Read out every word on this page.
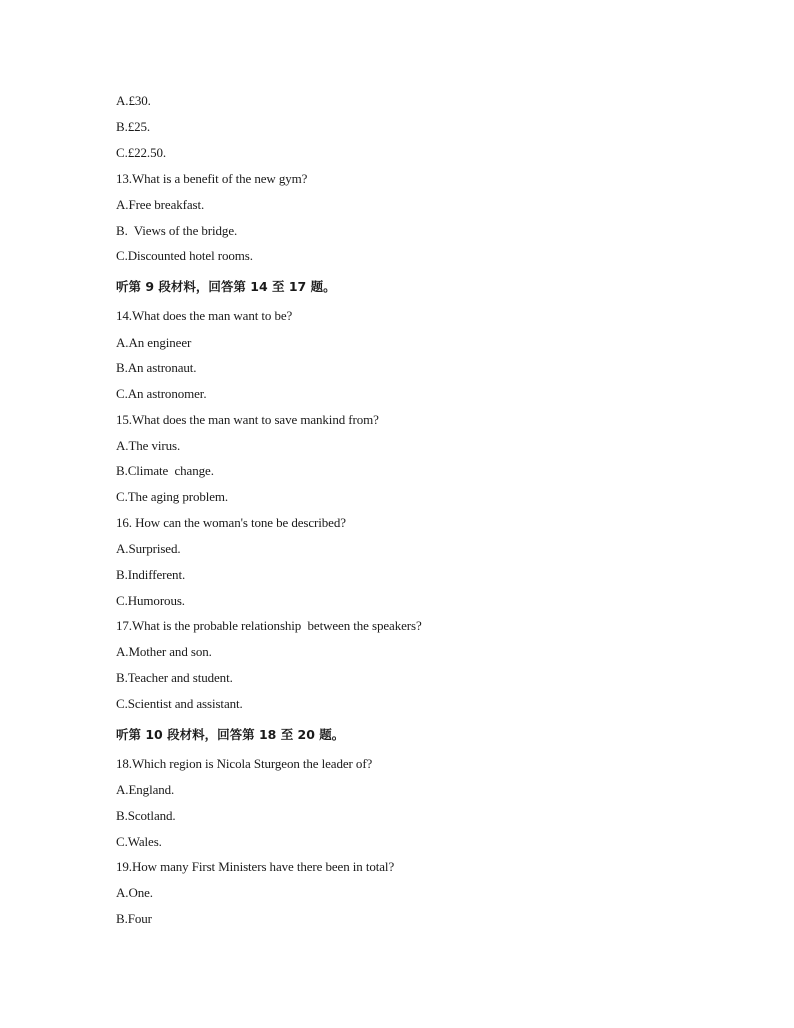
A.£30.
B.£25.
C.£22.50.
13.What is a benefit of the new gym?
A.Free breakfast.
B.  Views of the bridge.
C.Discounted hotel rooms.
听第 9 段材料，回答第 14 至 17 题。
14.What does the man want to be?
A.An engineer
B.An astronaut.
C.An astronomer.
15.What does the man want to save mankind from?
A.The virus.
B.Climate  change.
C.The aging problem.
16. How can the woman's tone be described?
A.Surprised.
B.Indifferent.
C.Humorous.
17.What is the probable relationship  between the speakers?
A.Mother and son.
B.Teacher and student.
C.Scientist and assistant.
听第 10 段材料，回答第 18 至 20 题。
18.Which region is Nicola Sturgeon the leader of?
A.England.
B.Scotland.
C.Wales.
19.How many First Ministers have there been in total?
A.One.
B.Four
